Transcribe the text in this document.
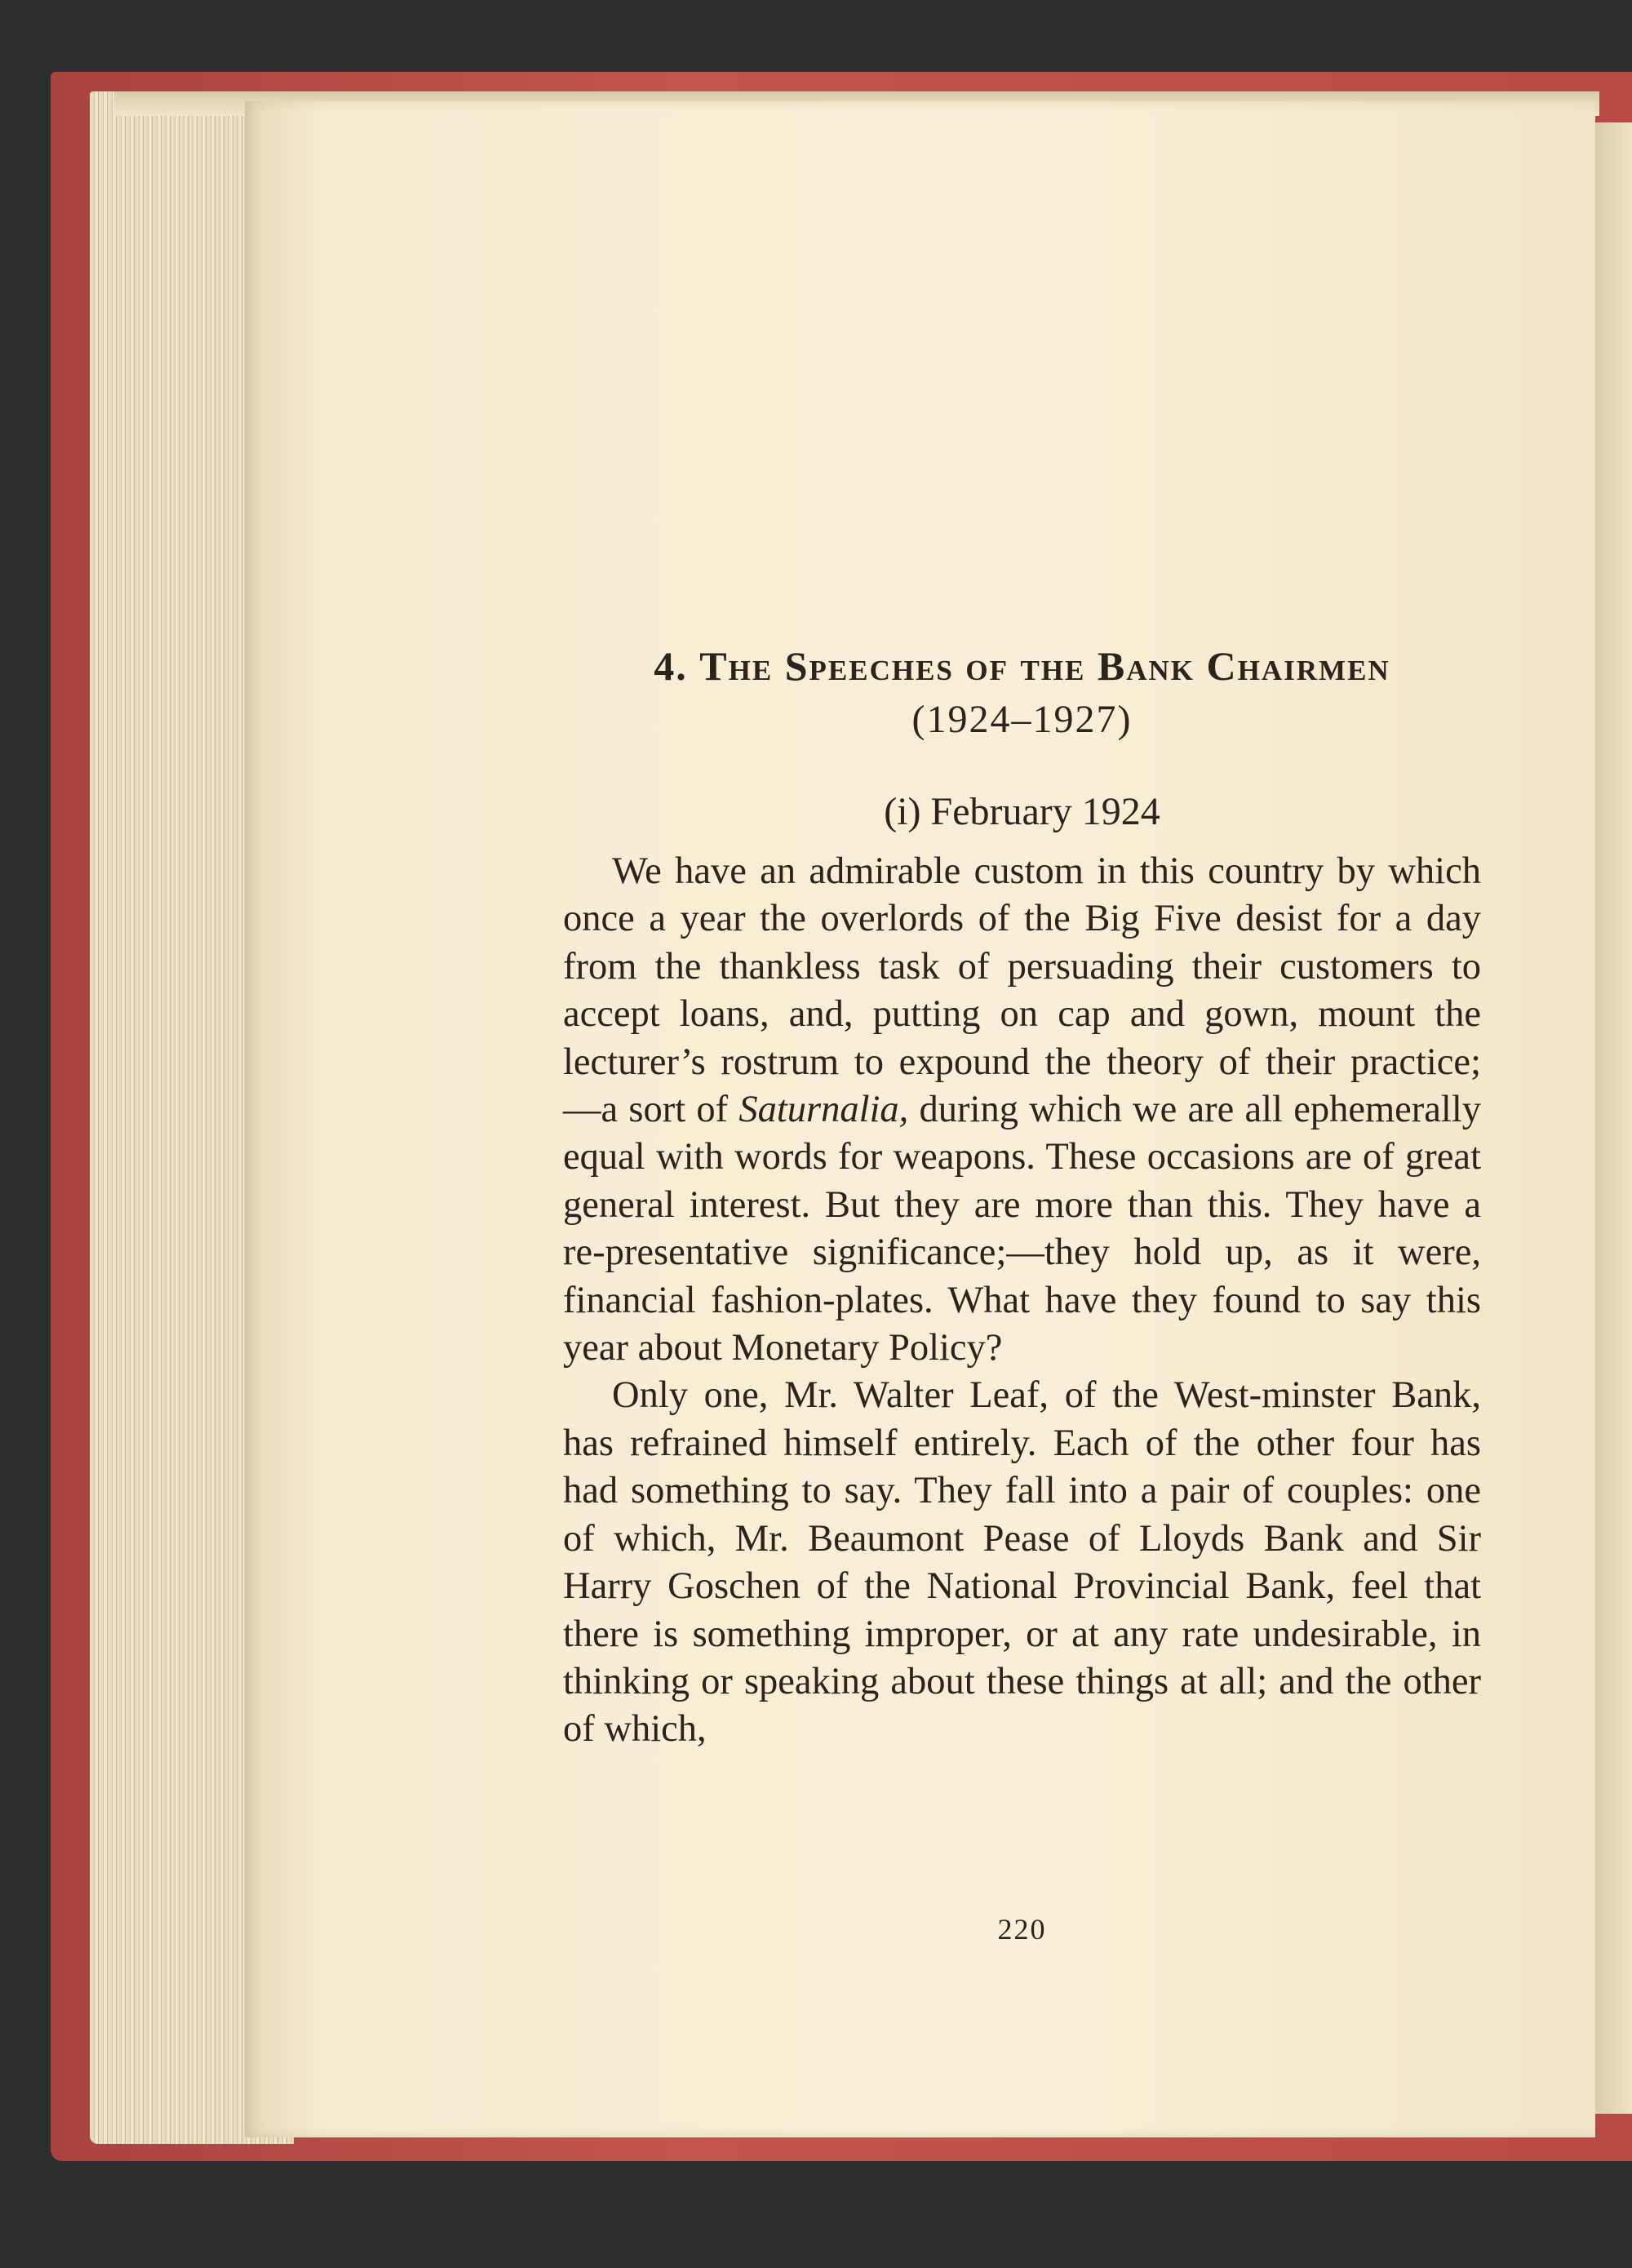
4. The Speeches of the Bank Chairmen
(1924–1927)
(i) February 1924

We have an admirable custom in this country by which once a year the overlords of the Big Five desist for a day from the thankless task of persuading their customers to accept loans, and, putting on cap and gown, mount the lecturer’s rostrum to expound the theory of their practice; —a sort of Saturnalia, during which we are all ephemerally equal with words for weapons. These occasions are of great general interest. But they are more than this. They have a re-presentative significance;—they hold up, as it were, financial fashion-plates. What have they found to say this year about Monetary Policy?

Only one, Mr. Walter Leaf, of the West-minster Bank, has refrained himself entirely. Each of the other four has had something to say. They fall into a pair of couples: one of which, Mr. Beaumont Pease of Lloyds Bank and Sir Harry Goschen of the National Provincial Bank, feel that there is something improper, or at any rate undesirable, in thinking or speaking about these things at all; and the other of which,

220
